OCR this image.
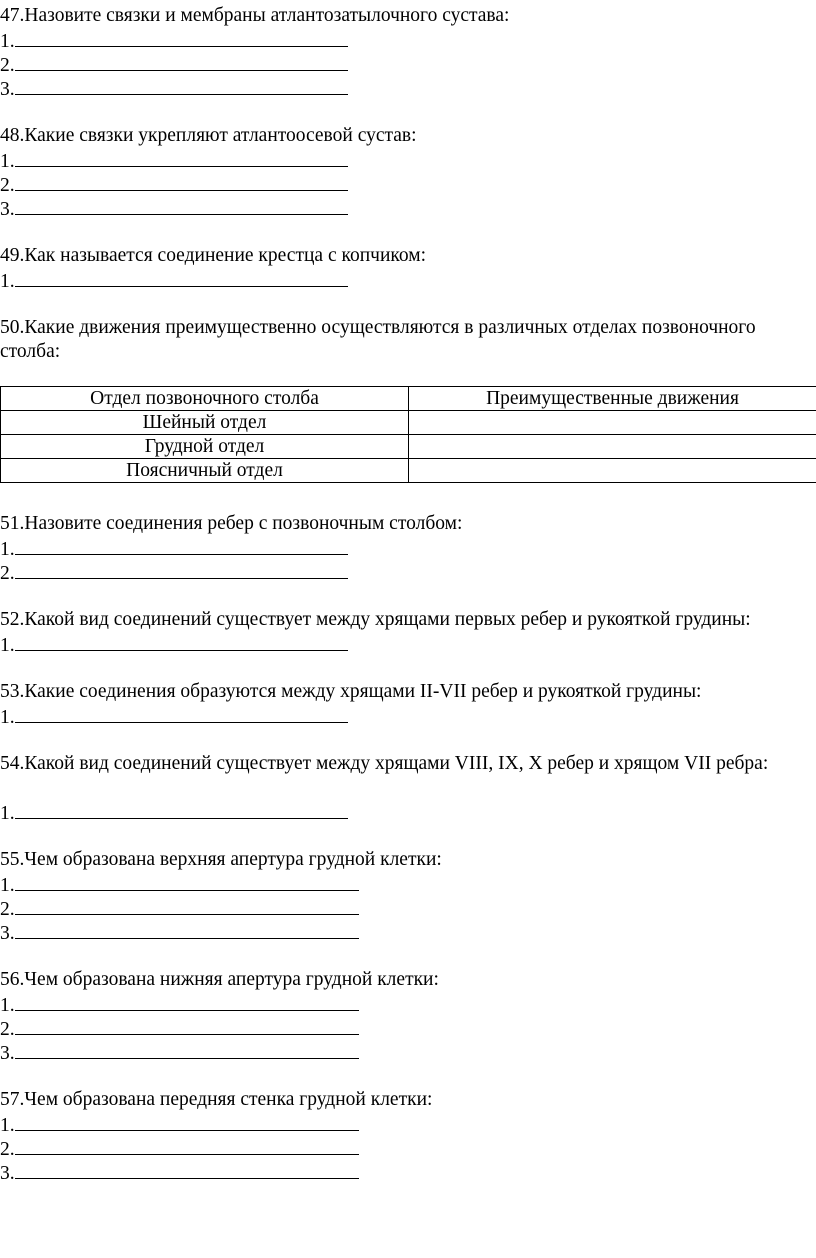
47.Назовите связки и мембраны атлантозатылочного сустава:
1.
2.
3.
48.Какие связки укрепляют атлантоосевой сустав:
1.
2.
3.
49.Как называется соединение крестца с копчиком:
1.
50.Какие движения преимущественно осуществляются в различных отделах позвоночного столба:
Отдел позвоночного столба	Преимущественные движения
Шейный отдел	
Грудной отдел	
Поясничный отдел	
51.Назовите соединения ребер с позвоночным столбом:
1.
2.
52.Какой вид соединений существует между хрящами первых ребер и рукояткой грудины:
1.
53.Какие соединения образуются между хрящами II-VII ребер и рукояткой грудины:
1.
54.Какой вид соединений существует между хрящами VIII, IX, X ребер и хрящом VII ребра:
1.
55.Чем образована верхняя апертура грудной клетки:
1.
2.
3.
56.Чем образована нижняя апертура грудной клетки:
1.
2.
3.
57.Чем образована передняя стенка грудной клетки:
1.
2.
3.
